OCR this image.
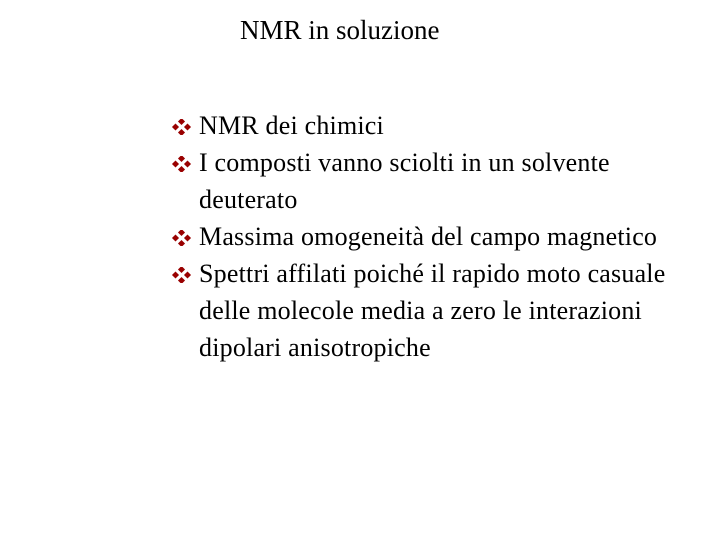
NMR in soluzione
NMR dei chimici
I composti vanno sciolti in un solvente deuterato
Massima omogeneità del campo magnetico
Spettri affilati poiché il rapido moto casuale delle molecole media a zero le interazioni dipolari anisotropiche
